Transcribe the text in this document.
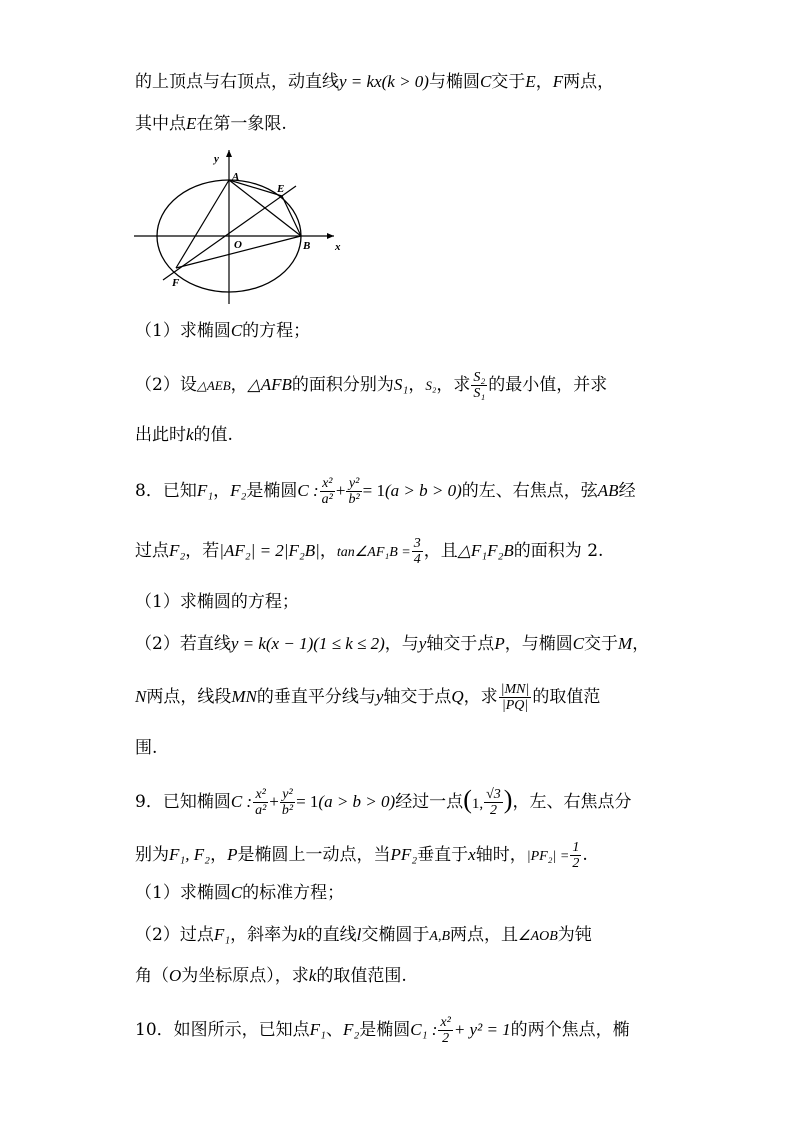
的上顶点与右顶点，动直线y = kx(k > 0)与椭圆C交于E，F两点，
其中点E在第一象限.
y
x
A
E
O	B
F
（1）求椭圆C的方程；
（2）设△AEB，△AFB的面积分别为S₁，S₂，求 $\frac{\text{S₂}}{\text{S₁}}$ 的最小值，并求
出此时k的值.
8．已知F₁，F₂是椭圆C : $\frac{\text{x²}}{\text{a²}} + \frac{\text{y²}}{\text{b²}} = 1(a > b > 0)$的左、右焦点，弦AB经
过点F₂，若|AF₂| = 2|F₂B|，tan∠AF₁B = $\frac{3}{4}$ ，且△F₁F₂B的面积为 2.
（1）求椭圆的方程；
（2）若直线y = k(x − 1)(1 ≤ k ≤ 2)，与y轴交于点P，与椭圆C交于M，
N两点，线段MN的垂直平分线与y轴交于点Q，求 $\frac{|MN|}{|PQ|}$ 的取值范
围.
9．已知椭圆C : $\frac{\text{x²}}{\text{a²}} + \frac{\text{y²}}{\text{b²}} = 1(a > b > 0)$经过一点(1, $\frac{√3}{2}$ )，左、右焦点分
别为F₁, F₂，P是椭圆上一动点，当PF₂垂直于x轴时，$|PF_2| = \frac{1}{2}$ .
（1）求椭圆C的标准方程；
（2）过点F₁，斜率为k的直线l交椭圆于A,B两点，且∠AOB为钝
角（O为坐标原点），求k的取值范围.
10．如图所示，已知点F₁、F₂是椭圆C₁ : $\frac{\text{x²}}{2} + y^2 = 1$的两个焦点，椭
